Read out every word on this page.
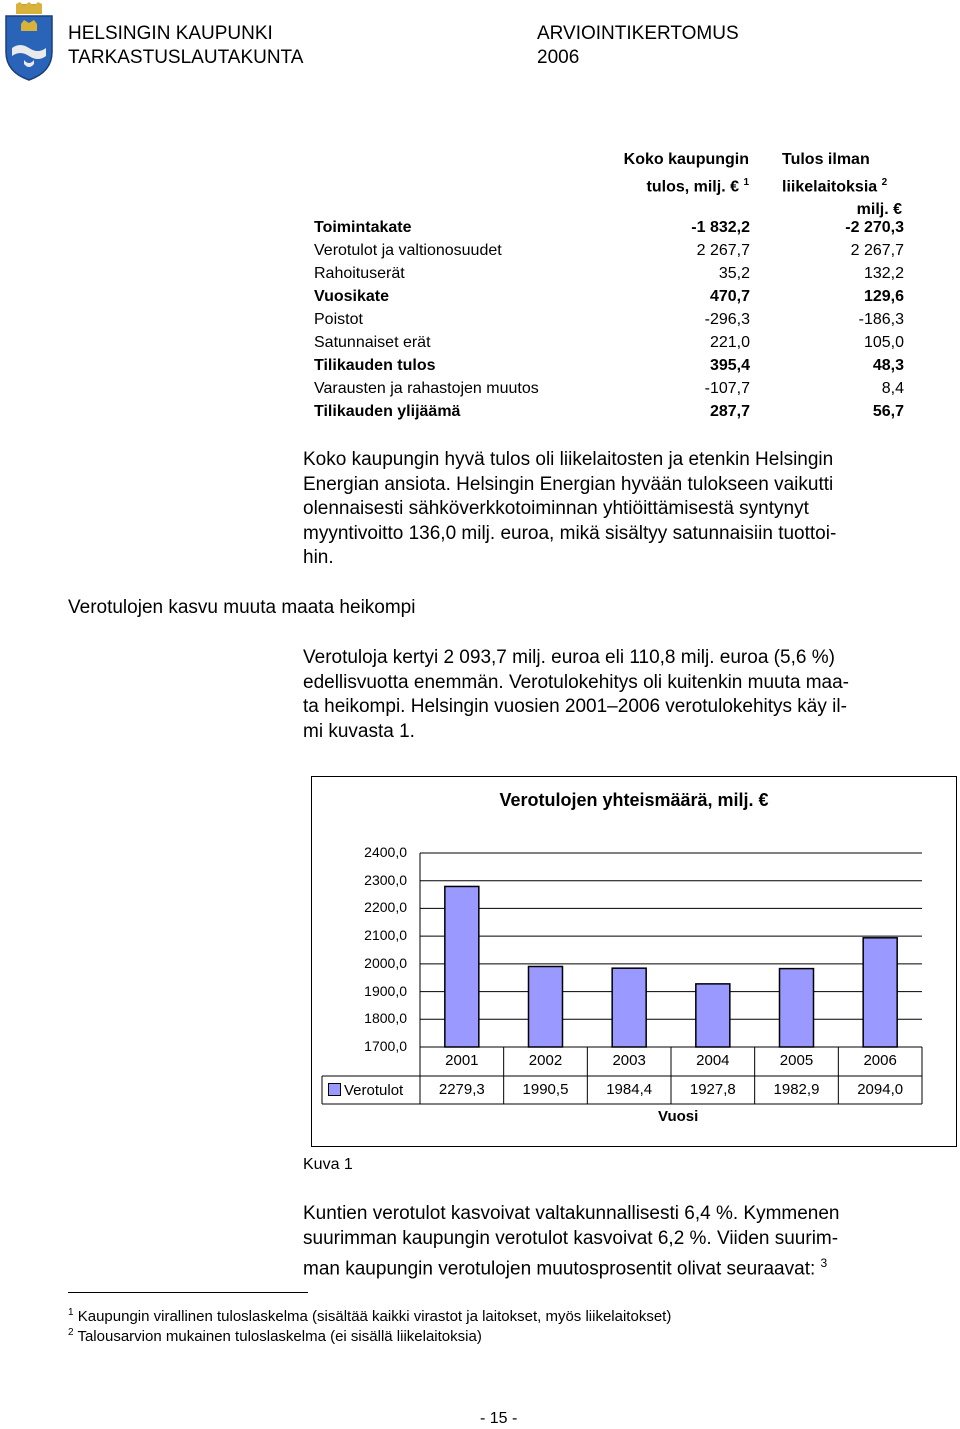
HELSINGIN KAUPUNKI
TARKASTUSLAUTAKUNTA
ARVIOINTIKERTOMUS
2006
Koko kaupungin
tulos, milj. € $^1$
Tulos ilman
liikelaitoksia $^2$
milj. €
Toimintakate	-1 832,2	-2 270,3
Verotulot ja valtionosuudet	2 267,7	2 267,7
Rahoituserät	35,2	132,2
Vuosikate	470,7	129,6
Poistot	-296,3	-186,3
Satunnaiset erät	221,0	105,0
Tilikauden tulos	395,4	48,3
Varausten ja rahastojen muutos	-107,7	8,4
Tilikauden ylijäämä	287,7	56,7
Koko kaupungin hyvä tulos oli liikelaitosten ja etenkin Helsingin
Energian ansiota. Helsingin Energian hyvään tulokseen vaikutti
olennaisesti sähköverkkotoiminnan yhtiöittämisestä syntynyt
myyntivoitto 136,0 milj. euroa, mikä sisältyy satunnaisiin tuottoi-
hin.
Verotulojen kasvu muuta maata heikompi
Verotuloja kertyi 2 093,7 milj. euroa eli 110,8 milj. euroa (5,6 %)
edellisvuotta enemmän. Verotulokehitys oli kuitenkin muuta maa-
ta heikompi. Helsingin vuosien 2001–2006 verotulokehitys käy il-
mi kuvasta 1.
Verotulojen yhteismäärä, milj. €
2400,0
2300,0
2200,0
2100,0
2000,0
1900,0
1800,0
1700,0
2001	2002	2003	2004	2005	2006
2279,3	1990,5	1984,4	1927,8	1982,9	2094,0
Verotulot
Vuosi
Kuva 1
Kuntien verotulot kasvoivat valtakunnallisesti 6,4 %. Kymmenen
suurimman kaupungin verotulot kasvoivat 6,2 %. Viiden suurim-
man kaupungin verotulojen muutosprosentit olivat seuraavat: $^3$
$^1$ Kaupungin virallinen tuloslaskelma (sisältää kaikki virastot ja laitokset, myös liikelaitokset)
$^2$ Talousarvion mukainen tuloslaskelma (ei sisällä liikelaitoksia)
- 15 -
